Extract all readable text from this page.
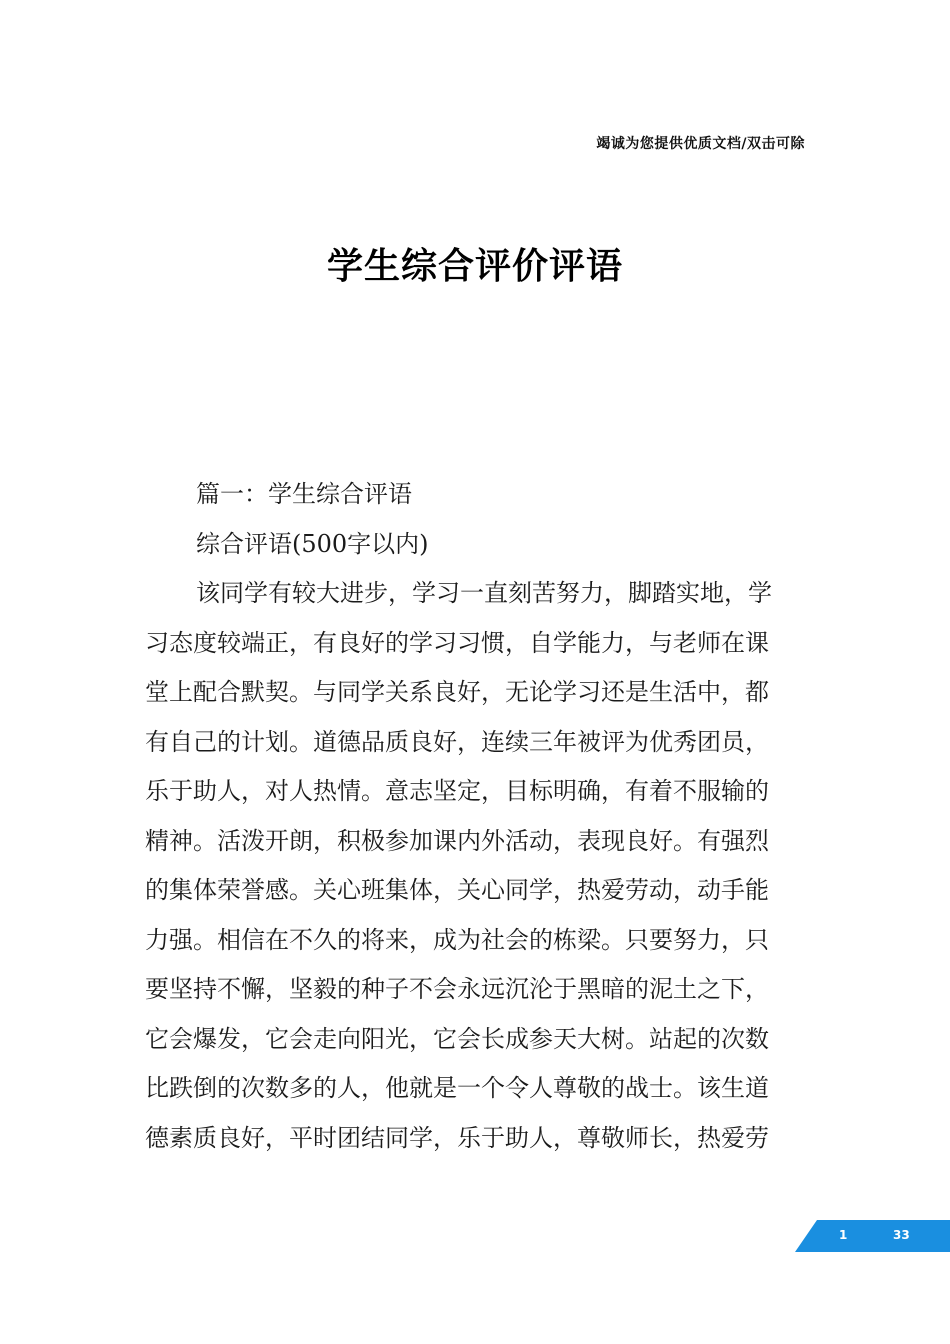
竭诚为您提供优质文档/双击可除
学生综合评价评语
篇一：学生综合评语
综合评语(500字以内)
该同学有较大进步，学习一直刻苦努力，脚踏实地，学
习态度较端正，有良好的学习习惯，自学能力，与老师在课
堂上配合默契。与同学关系良好，无论学习还是生活中，都
有自己的计划。道德品质良好，连续三年被评为优秀团员，
乐于助人，对人热情。意志坚定，目标明确，有着不服输的
精神。活泼开朗，积极参加课内外活动，表现良好。有强烈
的集体荣誉感。关心班集体，关心同学，热爱劳动，动手能
力强。相信在不久的将来，成为社会的栋梁。只要努力，只
要坚持不懈，坚毅的种子不会永远沉沦于黑暗的泥土之下，
它会爆发，它会走向阳光，它会长成参天大树。站起的次数
比跌倒的次数多的人，他就是一个令人尊敬的战士。该生道
德素质良好，平时团结同学，乐于助人，尊敬师长，热爱劳
1	33
